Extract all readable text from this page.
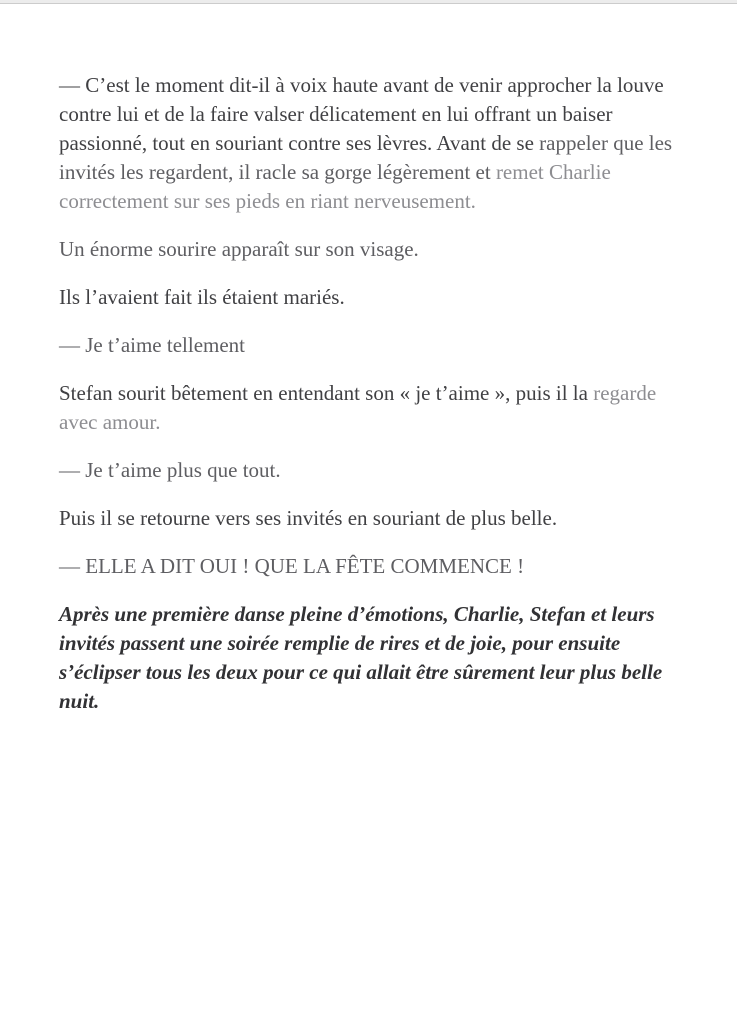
— C’est le moment dit-il à voix haute avant de venir approcher la louve contre lui et de la faire valser délicatement en lui offrant un baiser passionné, tout en souriant contre ses lèvres. Avant de se rappeler que les invités les regardent, il racle sa gorge légèrement et remet Charlie correctement sur ses pieds en riant nerveusement.

Un énorme sourire apparaît sur son visage.

Ils l’avaient fait ils étaient mariés.

— Je t’aime tellement

Stefan sourit bêtement en entendant son « je t’aime », puis il la regarde avec amour.

— Je t’aime plus que tout.

Puis il se retourne vers ses invités en souriant de plus belle.

— ELLE A DIT OUI ! QUE LA FÊTE COMMENCE !

Après une première danse pleine d’émotions, Charlie, Stefan et leurs invités passent une soirée remplie de rires et de joie, pour ensuite s’éclipser tous les deux pour ce qui allait être sûrement leur plus belle nuit.
